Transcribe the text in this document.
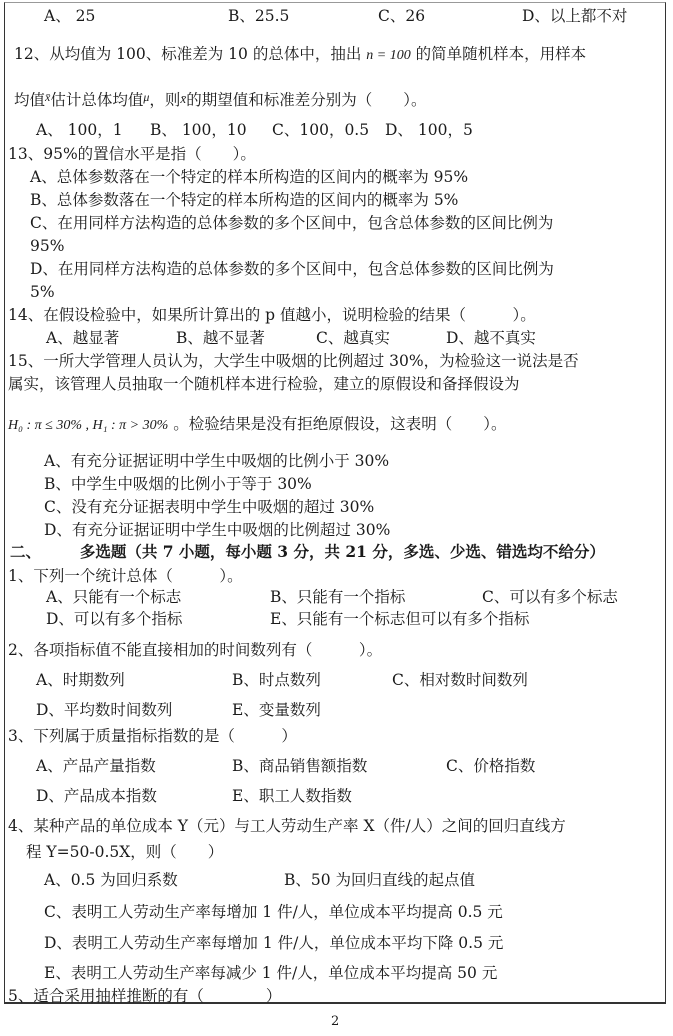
A、 25	B、25.5	C、26	D、以上都不对
12、从均值为 100、标准差为 10 的总体中，抽出 n = 100 的简单随机样本，用样本
均值$^{x̄}$估计总体均值$^\mu$，则x̄的期望值和标准差分别为（　　）。
A、 100，1 B、 100，10 C、100，0.5 D、 100，5
13、95%的置信水平是指（　　）。
A、总体参数落在一个特定的样本所构造的区间内的概率为 95%
B、总体参数落在一个特定的样本所构造的区间内的概率为 5%
C、在用同样方法构造的总体参数的多个区间中，包含总体参数的区间比例为
95%
D、在用同样方法构造的总体参数的多个区间中，包含总体参数的区间比例为
5%
14、在假设检验中，如果所计算出的 p 值越小，说明检验的结果（　　　）。
A、越显著	B、越不显著	C、越真实	D、越不真实
15、一所大学管理人员认为，大学生中吸烟的比例超过 30%，为检验这一说法是否
属实，该管理人员抽取一个随机样本进行检验，建立的原假设和备择假设为
H₀ : π ≤ 30% , H₁ : π > 30% 。检验结果是没有拒绝原假设，这表明（　　）。
A、有充分证据证明中学生中吸烟的比例小于 30%
B、中学生中吸烟的比例小于等于 30%
C、没有充分证据表明中学生中吸烟的超过 30%
D、有充分证据证明中学生中吸烟的比例超过 30%
二、	多选题（共 7 小题，每小题 3 分，共 21 分，多选、少选、错选均不给分）
1、下列一个统计总体（　　　）。
A、只能有一个标志	B、只能有一个指标	C、可以有多个标志
D、可以有多个指标	E、只能有一个标志但可以有多个指标
2、各项指标值不能直接相加的时间数列有（　　　）。
A、时期数列	B、时点数列	C、相对数时间数列
D、平均数时间数列	E、变量数列
3、下列属于质量指标指数的是（　　　）
A、产品产量指数	B、商品销售额指数	C、价格指数
D、产品成本指数	E、职工人数指数
4、某种产品的单位成本 Y（元）与工人劳动生产率 X（件/人）之间的回归直线方
程 Y=50-0.5X，则（　　）
A、0.5 为回归系数	B、50 为回归直线的起点值
C、表明工人劳动生产率每增加 1 件/人，单位成本平均提高 0.5 元
D、表明工人劳动生产率每增加 1 件/人，单位成本平均下降 0.5 元
E、表明工人劳动生产率每减少 1 件/人，单位成本平均提高 50 元
5、适合采用抽样推断的有（　　　　）
2
